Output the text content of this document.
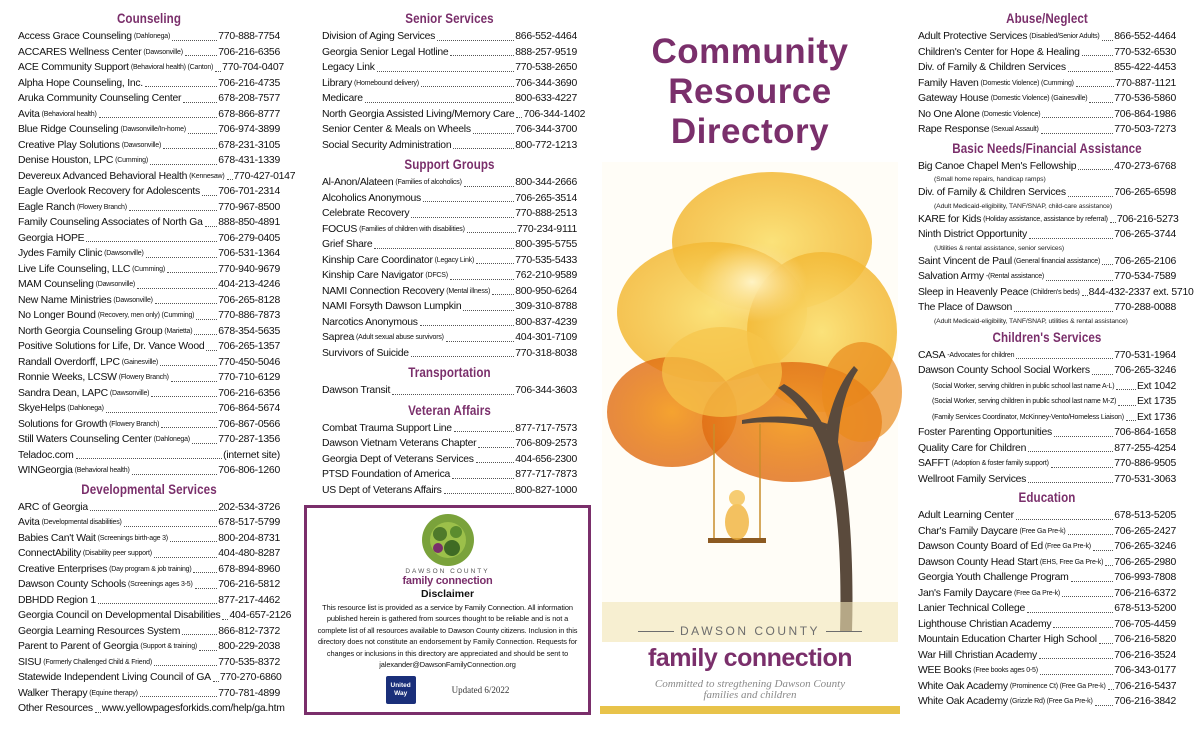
Counseling
Access Grace Counseling (Dahlonega)	770-888-7754
ACCARES Wellness Center (Dawsonville)	706-216-6356
ACE Community Support (Behavioral health) (Canton) 770-704-0407
Alpha Hope Counseling, Inc.	706-216-4735
Aruka Community Counseling Center	678-208-7577
Avita (Behavioral health)	678-866-8777
Blue Ridge Counseling (Dawsonville/In-home)	706-974-3899
Creative Play Solutions (Dawsonville)	678-231-3105
Denise Houston, LPC (Cumming)	678-431-1339
Devereux Advanced Behavioral Health (Kennesaw) 770-427-0147
Eagle Overlook Recovery for Adolescents 706-701-2314
Eagle Ranch (Flowery Branch)	770-967-8500
Family Counseling Associates of North Ga 888-850-4891
Georgia HOPE	706-279-0405
Jydes Family Clinic (Dawsonville)	706-531-1364
Live Life Counseling, LLC (Cumming)	770-940-9679
MAM Counseling (Dawsonville)	404-213-4246
New Name Ministries (Dawsonville)	706-265-8128
No Longer Bound (Recovery, men only) (Cumming) 770-886-7873
North Georgia Counseling Group (Marietta) 678-354-5635
Positive Solutions for Life, Dr. Vance Wood 706-265-1357
Randall Overdorff, LPC (Gainesville)	770-450-5046
Ronnie Weeks, LCSW (Flowery Branch)	770-710-6129
Sandra Dean, LAPC (Dawsonville)	706-216-6356
SkyeHelps (Dahlonega)	706-864-5674
Solutions for Growth (Flowery Branch)	706-867-0566
Still Waters Counseling Center (Dahlonega)	770-287-1356
Teladoc.com	(internet site)
WINGeorgia (Behavioral health)	706-806-1260
Developmental Services
ARC of Georgia	202-534-3726
Avita (Developmental disabilities)	678-517-5799
Babies Can't Wait (Screenings birth-age 3)	800-204-8731
ConnectAbility (Disability peer support)	404-480-8287
Creative Enterprises (Day program & job training)	678-894-8960
Dawson County Schools (Screenings ages 3-5) 706-216-5812
DBHDD Region 1	877-217-4462
Georgia Council on Developmental Disabilities 404-657-2126
Georgia Learning Resources System	866-812-7372
Parent to Parent of Georgia (Support & training) 800-229-2038
SISU (Formerly Challenged Child & Friend)	770-535-8372
Statewide Independent Living Council of GA 770-270-6860
Walker Therapy (Equine therapy)	770-781-4899
Other Resources www.yellowpagesforkids.com/help/ga.htm
Senior Services
Division of Aging Services	866-552-4464
Georgia Senior Legal Hotline	888-257-9519
Legacy Link	770-538-2650
Library (Homebound delivery)	706-344-3690
Medicare	800-633-4227
North Georgia Assisted Living/Memory Care 706-344-1402
Senior Center & Meals on Wheels	706-344-3700
Social Security Administration	800-772-1213
Support Groups
Al-Anon/Alateen (Families of alcoholics)	800-344-2666
Alcoholics Anonymous	706-265-3514
Celebrate Recovery	770-888-2513
FOCUS (Families of children with disabilities)	770-234-9111
Grief Share	800-395-5755
Kinship Care Coordinator (Legacy Link)	770-535-5433
Kinship Care Navigator (DFCS)	762-210-9589
NAMI Connection Recovery (Mental illness) 800-950-6264
NAMI Forsyth Dawson Lumpkin	309-310-8788
Narcotics Anonymous	800-837-4239
Saprea (Adult sexual abuse survivors)	404-301-7109
Survivors of Suicide	770-318-8038
Transportation
Dawson Transit	706-344-3603
Veteran Affairs
Combat Trauma Support Line	877-717-7573
Dawson Vietnam Veterans Chapter	706-809-2573
Georgia Dept of Veterans Services	404-656-2300
PTSD Foundation of America	877-717-7873
US Dept of Veterans Affairs	800-827-1000
DAWSON COUNTY
family connection
Disclaimer
This resource list is provided as a service by Family Connection. All information published herein is gathered from sources thought to be reliable and is not a complete list of all resources available to Dawson County citizens. Inclusion in this directory does not constitute an endorsement by Family Connection. Requests for changes or inclusions in this directory are appreciated and should be sent to jalexander@DawsonFamilyConnection.org
United Way	Updated 6/2022
Community
Resource
Directory
DAWSON COUNTY
family connection
Committed to stregthening Dawson County
families and children
Abuse/Neglect
Adult Protective Services (Disabled/Senior Adults) 866-552-4464
Children's Center for Hope & Healing	770-532-6530
Div. of Family & Children Services	855-422-4453
Family Haven (Domestic Violence) (Cumming)	770-887-1121
Gateway House (Domestic Violence) (Gainesville)	770-536-5860
No One Alone (Domestic Violence)	706-864-1986
Rape Response (Sexual Assault)	770-503-7273
Basic Needs/Financial Assistance
Big Canoe Chapel Men's Fellowship	470-273-6768
(Small home repairs, handicap ramps)
Div. of Family & Children Services	706-265-6598
(Adult Medicaid-eligibility, TANF/SNAP, child-care assistance)
KARE for Kids (Holiday assistance, assistance by referral) 706-216-5273
Ninth District Opportunity	706-265-3744
(Utilities & rental assistance, senior services)
Saint Vincent de Paul (General financial assistance) 706-265-2106
Salvation Army -(Rental assistance)	770-534-7589
Sleep in Heavenly Peace (Children's beds) 844-432-2337 ext. 5710
The Place of Dawson	770-288-0088
(Adult Medicaid-eligibility, TANF/SNAP, utilities & rental assistance)
Children's Services
CASA -Advocates for children	770-531-1964
Dawson County School Social Workers 706-265-3246
(Social Worker, serving children in public school last name A-L) Ext 1042
(Social Worker, serving children in public school last name M-Z) Ext 1735
(Family Services Coordinator, McKinney-Vento/Homeless Liaison) Ext 1736
Foster Parenting Opportunities	706-864-1658
Quality Care for Children	877-255-4254
SAFFT (Adoption & foster family support)	770-886-9505
Wellroot Family Services	770-531-3063
Education
Adult Learning Center	678-513-5205
Char's Family Daycare (Free Ga Pre-k)	706-265-2427
Dawson County Board of Ed (Free Ga Pre-k) 706-265-3246
Dawson County Head Start (EHS, Free Ga Pre-k) 706-265-2980
Georgia Youth Challenge Program	706-993-7808
Jan's Family Daycare (Free Ga Pre-k)	706-216-6372
Lanier Technical College	678-513-5200
Lighthouse Christian Academy	706-705-4459
Mountain Education Charter High School 706-216-5820
War Hill Christian Academy	706-216-3524
WEE Books (Free books ages 0-5)	706-343-0177
White Oak Academy (Prominence Ct) (Free Ga Pre-k) 706-216-5437
White Oak Academy (Grizzle Rd) (Free Ga Pre-k) 706-216-3842
